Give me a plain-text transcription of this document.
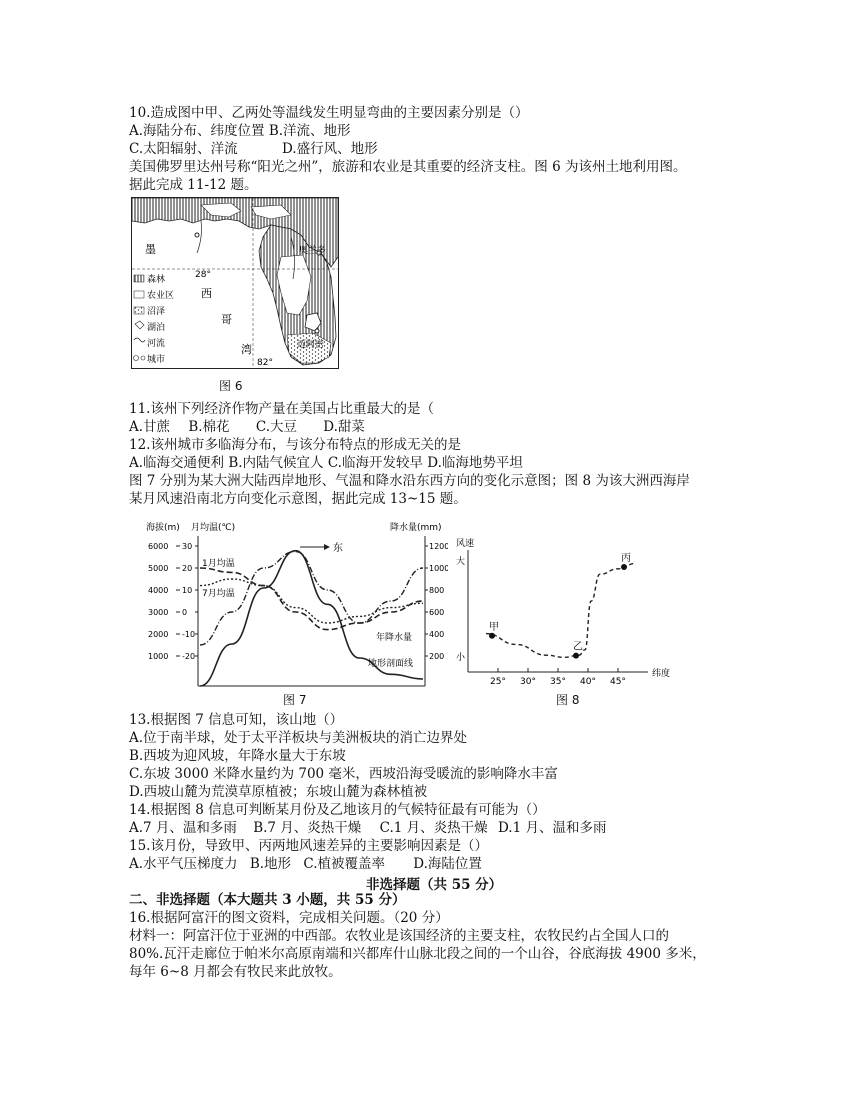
10.造成图中甲、乙两处等温线发生明显弯曲的主要因素分别是（）
A.海陆分布、纬度位置 B.洋流、地形
C.太阳辐射、洋流	D.盛行风、地形
美国佛罗里达州号称“阳光之州”，旅游和农业是其重要的经济支柱。图 6 为该州土地利用图。
据此完成 11-12 题。
墨
西
哥
湾
奥兰多
迈阿密
28°
82°
森林
农业区
沼泽
湖泊
河流
城市
图 6
11.该州下列经济作物产量在美国占比重最大的是（
A.甘蔗 B.棉花 C.大豆 D.甜菜
12.该州城市多临海分布，与该分布特点的形成无关的是
A.临海交通便利 B.内陆气候宜人 C.临海开发较早 D.临海地势平坦
图 7 分别为某大洲大陆西岸地形、气温和降水沿东西方向的变化示意图；图 8 为该大洲西海岸
某月风速沿南北方向变化示意图，据此完成 13~15 题。
海拔(m) 月均温(℃)	降水量(mm)
6000
5000
4000
3000
2000
1000
30
20
10
0
-10
-20
1200
1000
800
600
400
200
东
1月均温
7月均温
年降水量
地形剖面线
图 7
风速
大
小
纬度
25° 30° 35° 40° 45°
甲
乙
丙
图 8
13.根据图 7 信息可知，该山地（）
A.位于南半球，处于太平洋板块与美洲板块的消亡边界处
B.西坡为迎风坡，年降水量大于东坡
C.东坡 3000 米降水量约为 700 毫米，西坡沿海受暖流的影响降水丰富
D.西坡山麓为荒漠草原植被；东坡山麓为森林植被
14.根据图 8 信息可判断某月份及乙地该月的气候特征最有可能为（）
A.7 月、温和多雨 B.7 月、炎热干燥 C.1 月、炎热干燥 D.1 月、温和多雨
15.该月份，导致甲、丙两地风速差异的主要影响因素是（）
A.水平气压梯度力 B.地形 C.植被覆盖率 D.海陆位置
非选择题（共 55 分）
二、非选择题（本大题共 3 小题，共 55 分）
16.根据阿富汗的图文资料，完成相关问题。（20 分）
材料一：阿富汗位于亚洲的中西部。农牧业是该国经济的主要支柱，农牧民约占全国人口的
80%.瓦汗走廊位于帕米尔高原南端和兴都库什山脉北段之间的一个山谷，谷底海拔 4900 多米，
每年 6~8 月都会有牧民来此放牧。
